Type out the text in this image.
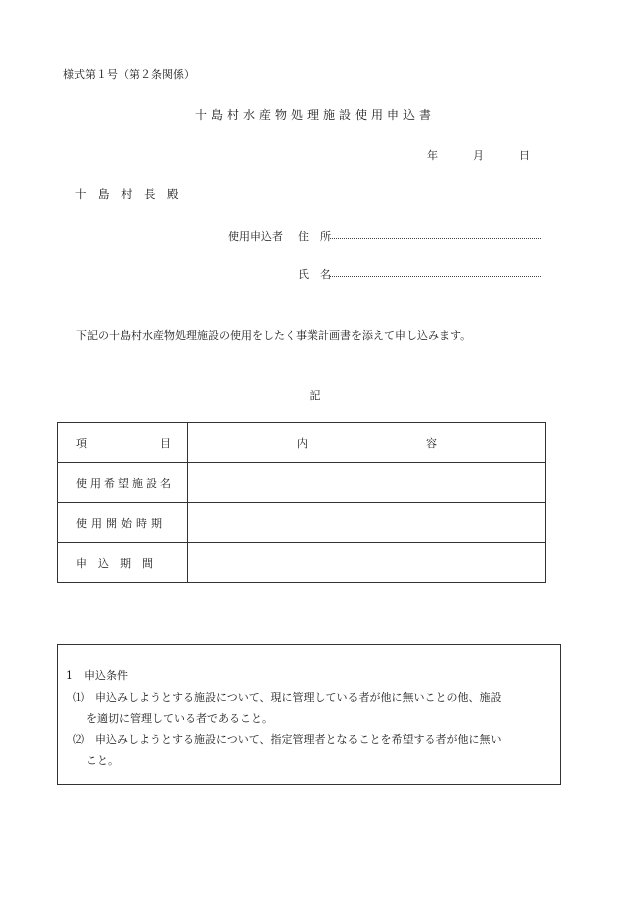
様式第１号（第２条関係）
十島村水産物処理施設使用申込書
年	月	日
十　島　村　長　殿
使用申込者 住　所
氏　名
下記の十島村水産物処理施設の使用をしたく事業計画書を添えて申し込みます。
記
項 目	内 容

使用希望施設名	
使用開始時期	
申　込　期　間	
1　申込条件
⑴　申込みしようとする施設について、現に管理している者が他に無いことの他、施設
を適切に管理している者であること。
⑵　申込みしようとする施設について、指定管理者となることを希望する者が他に無い
こと。
